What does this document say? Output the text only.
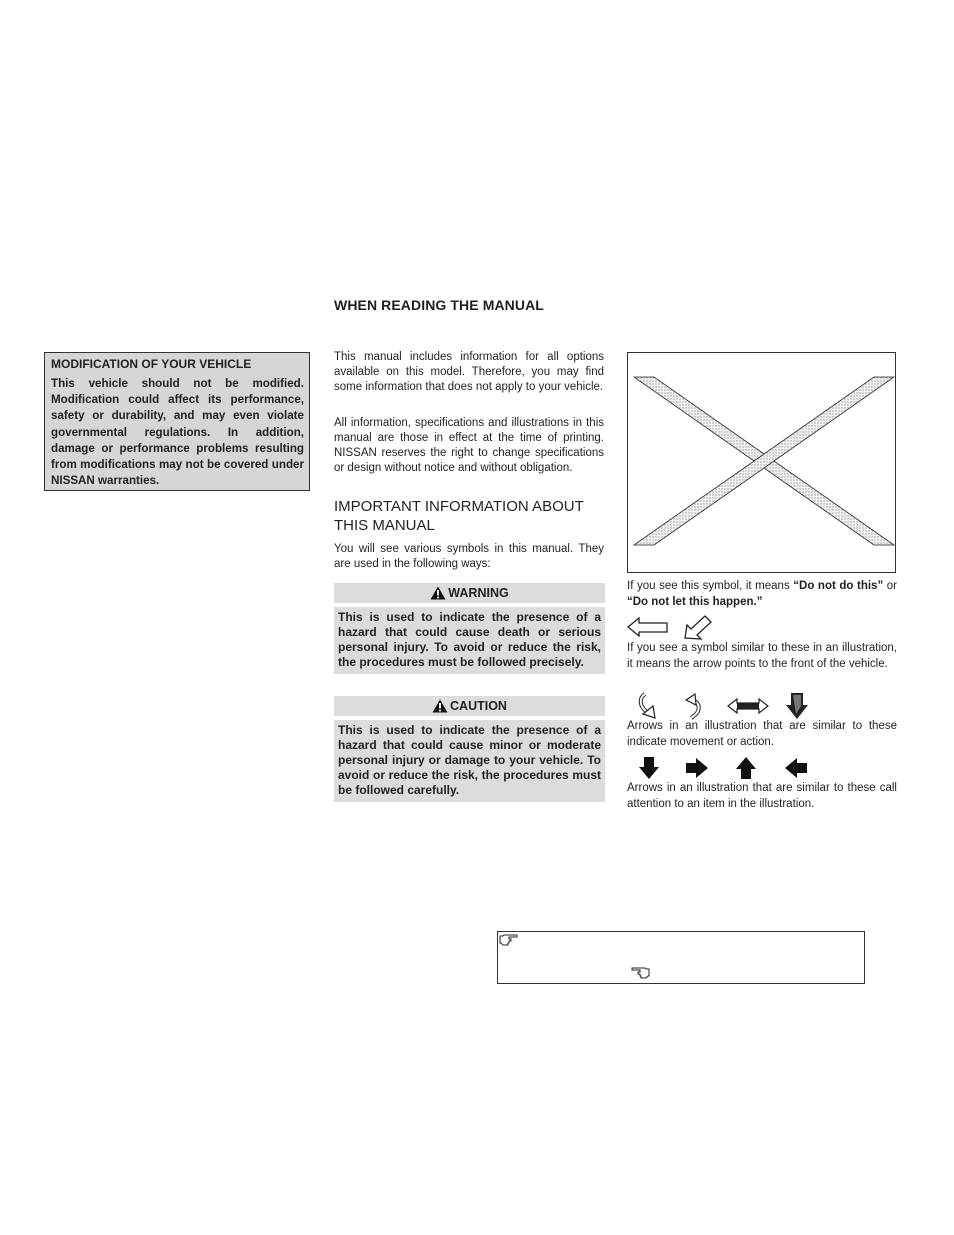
WHEN READING THE MANUAL
MODIFICATION OF YOUR VEHICLE
This vehicle should not be modified. Modification could affect its performance, safety or durability, and may even violate governmental regulations. In addition, damage or performance problems resulting from modifications may not be covered under NISSAN warranties.
This manual includes information for all options available on this model. Therefore, you may find some information that does not apply to your vehicle.
All information, specifications and illustrations in this manual are those in effect at the time of printing. NISSAN reserves the right to change specifications or design without notice and without obligation.
IMPORTANT INFORMATION ABOUT THIS MANUAL
You will see various symbols in this manual. They are used in the following ways:
WARNING
This is used to indicate the presence of a hazard that could cause death or serious personal injury. To avoid or reduce the risk, the procedures must be followed precisely.
CAUTION
This is used to indicate the presence of a hazard that could cause minor or moderate personal injury or damage to your vehicle. To avoid or reduce the risk, the procedures must be followed carefully.
If you see this symbol, it means “Do not do this” or “Do not let this happen.”
If you see a symbol similar to these in an illustration, it means the arrow points to the front of the vehicle.
Arrows in an illustration that are similar to these indicate movement or action.
Arrows in an illustration that are similar to these call attention to an item in the illustration.
